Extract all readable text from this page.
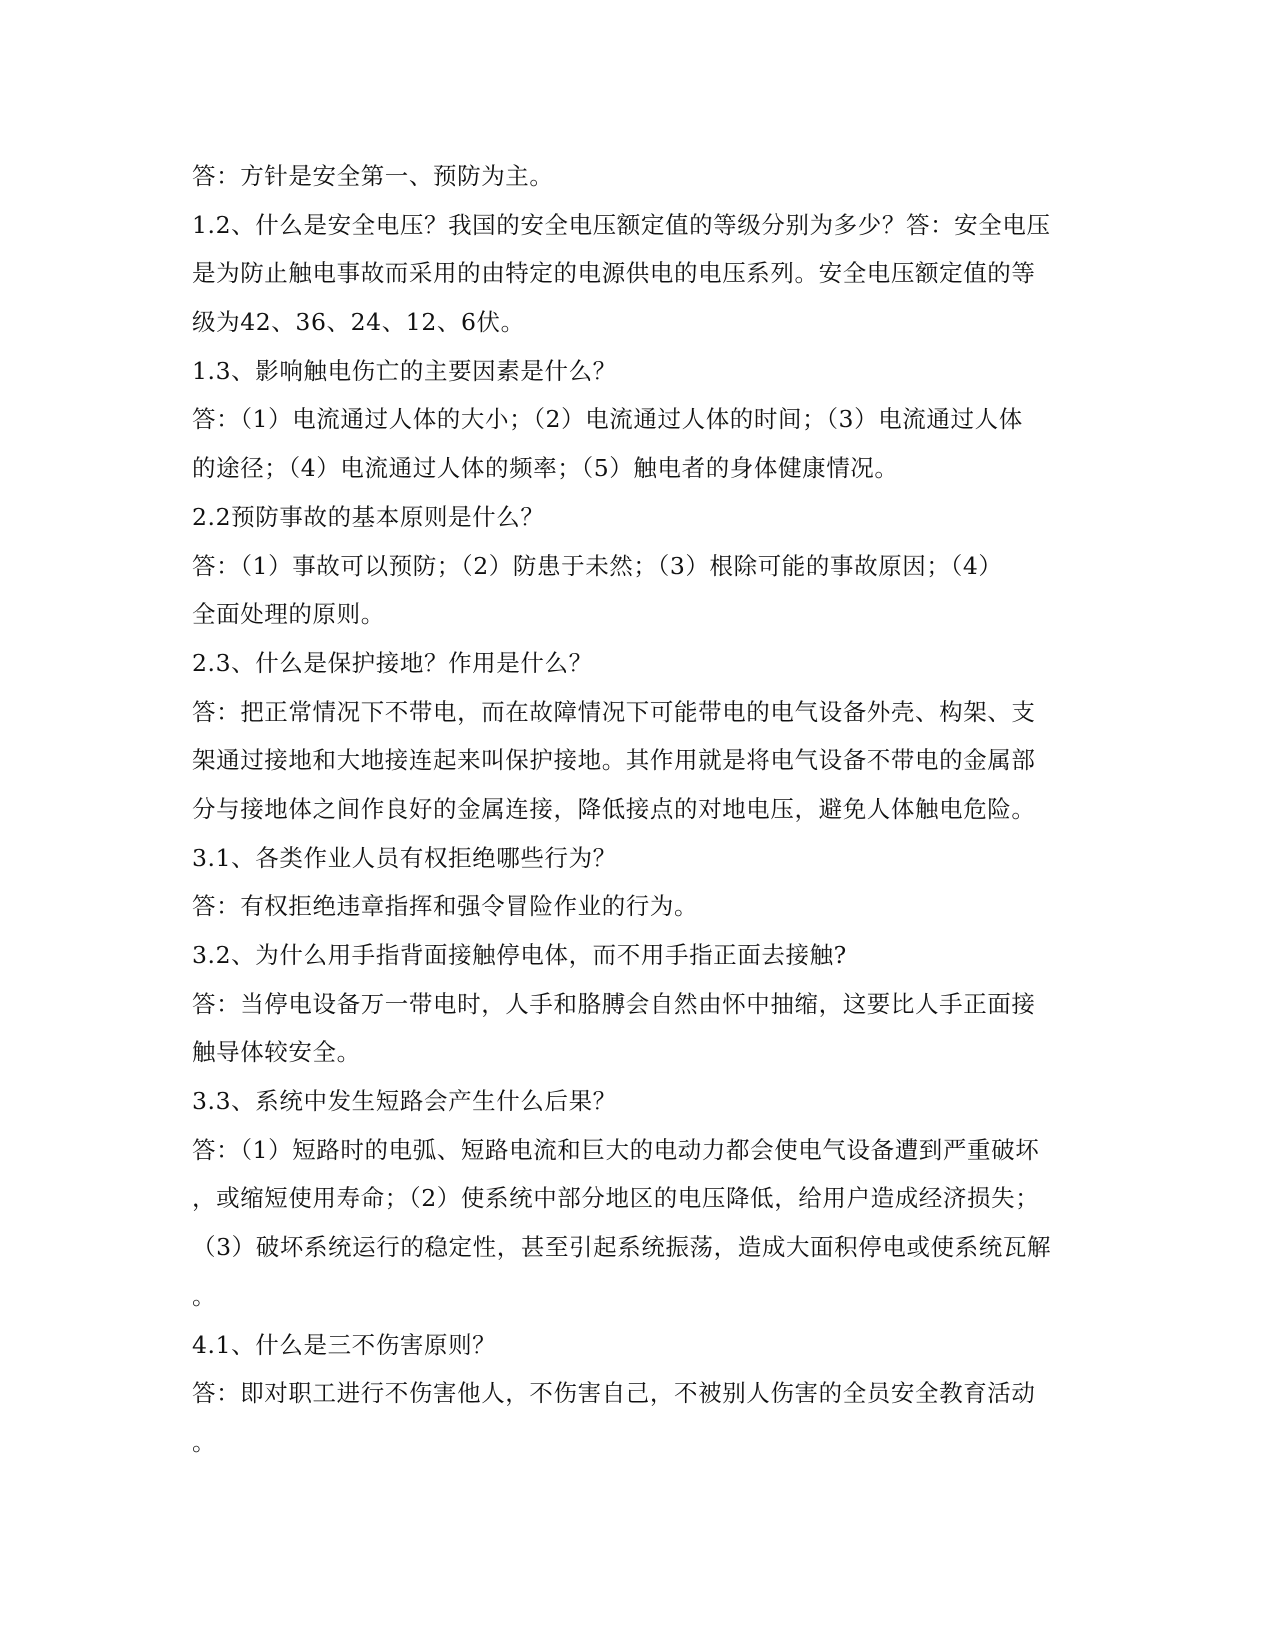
答：方针是安全第一、预防为主。
1.2、什么是安全电压？我国的安全电压额定值的等级分别为多少？答：安全电压
是为防止触电事故而采用的由特定的电源供电的电压系列。安全电压额定值的等
级为42、36、24、12、6伏。
1.3、影响触电伤亡的主要因素是什么？
答：（1）电流通过人体的大小；（2）电流通过人体的时间；（3）电流通过人体
的途径；（4）电流通过人体的频率；（5）触电者的身体健康情况。
2.2预防事故的基本原则是什么？
答：（1）事故可以预防；（2）防患于未然；（3）根除可能的事故原因；（4）
全面处理的原则。
2.3、什么是保护接地？作用是什么？
答：把正常情况下不带电，而在故障情况下可能带电的电气设备外壳、构架、支
架通过接地和大地接连起来叫保护接地。其作用就是将电气设备不带电的金属部
分与接地体之间作良好的金属连接，降低接点的对地电压，避免人体触电危险。
3.1、各类作业人员有权拒绝哪些行为？
答：有权拒绝违章指挥和强令冒险作业的行为。
3.2、为什么用手指背面接触停电体，而不用手指正面去接触?
答：当停电设备万一带电时，人手和胳膊会自然由怀中抽缩，这要比人手正面接
触导体较安全。
3.3、系统中发生短路会产生什么后果？
答：（1）短路时的电弧、短路电流和巨大的电动力都会使电气设备遭到严重破坏
，或缩短使用寿命；（2）使系统中部分地区的电压降低，给用户造成经济损失；
（3）破坏系统运行的稳定性，甚至引起系统振荡，造成大面积停电或使系统瓦解
。
4.1、什么是三不伤害原则？
答：即对职工进行不伤害他人，不伤害自己，不被别人伤害的全员安全教育活动
。
